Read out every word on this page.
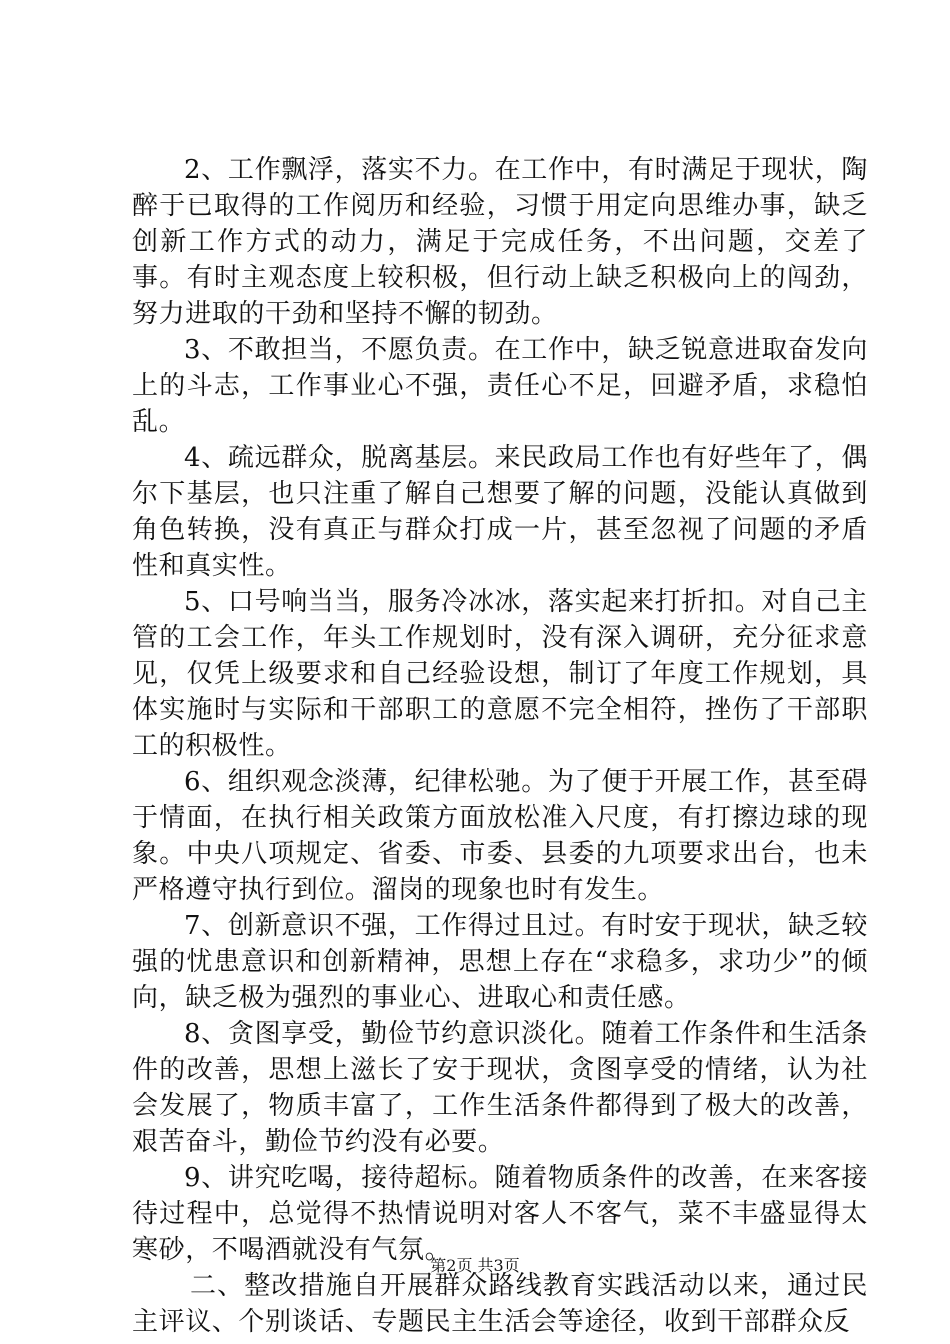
2、工作飘浮，落实不力。在工作中，有时满足于现状，陶醉于已取得的工作阅历和经验，习惯于用定向思维办事，缺乏创新工作方式的动力，满足于完成任务，不出问题，交差了事。有时主观态度上较积极，但行动上缺乏积极向上的闯劲，努力进取的干劲和坚持不懈的韧劲。

3、不敢担当，不愿负责。在工作中，缺乏锐意进取奋发向上的斗志，工作事业心不强，责任心不足，回避矛盾，求稳怕乱。

4、疏远群众，脱离基层。来民政局工作也有好些年了，偶尔下基层，也只注重了解自己想要了解的问题，没能认真做到角色转换，没有真正与群众打成一片，甚至忽视了问题的矛盾性和真实性。

5、口号响当当，服务冷冰冰，落实起来打折扣。对自己主管的工会工作，年头工作规划时，没有深入调研，充分征求意见，仅凭上级要求和自己经验设想，制订了年度工作规划，具体实施时与实际和干部职工的意愿不完全相符，挫伤了干部职工的积极性。

6、组织观念淡薄，纪律松驰。为了便于开展工作，甚至碍于情面，在执行相关政策方面放松准入尺度，有打擦边球的现象。中央八项规定、省委、市委、县委的九项要求出台，也未严格遵守执行到位。溜岗的现象也时有发生。

7、创新意识不强，工作得过且过。有时安于现状，缺乏较强的忧患意识和创新精神，思想上存在“求稳多，求功少”的倾向，缺乏极为强烈的事业心、进取心和责任感。

8、贪图享受，勤俭节约意识淡化。随着工作条件和生活条件的改善，思想上滋长了安于现状，贪图享受的情绪，认为社会发展了，物质丰富了，工作生活条件都得到了极大的改善，艰苦奋斗，勤俭节约没有必要。

9、讲究吃喝，接待超标。随着物质条件的改善，在来客接待过程中，总觉得不热情说明对客人不客气，菜不丰盛显得太寒砂，不喝酒就没有气氛。

二、整改措施自开展群众路线教育实践活动以来，通过民主评议、个别谈话、专题民主生活会等途径，收到干部群众反

第2页 共3页
